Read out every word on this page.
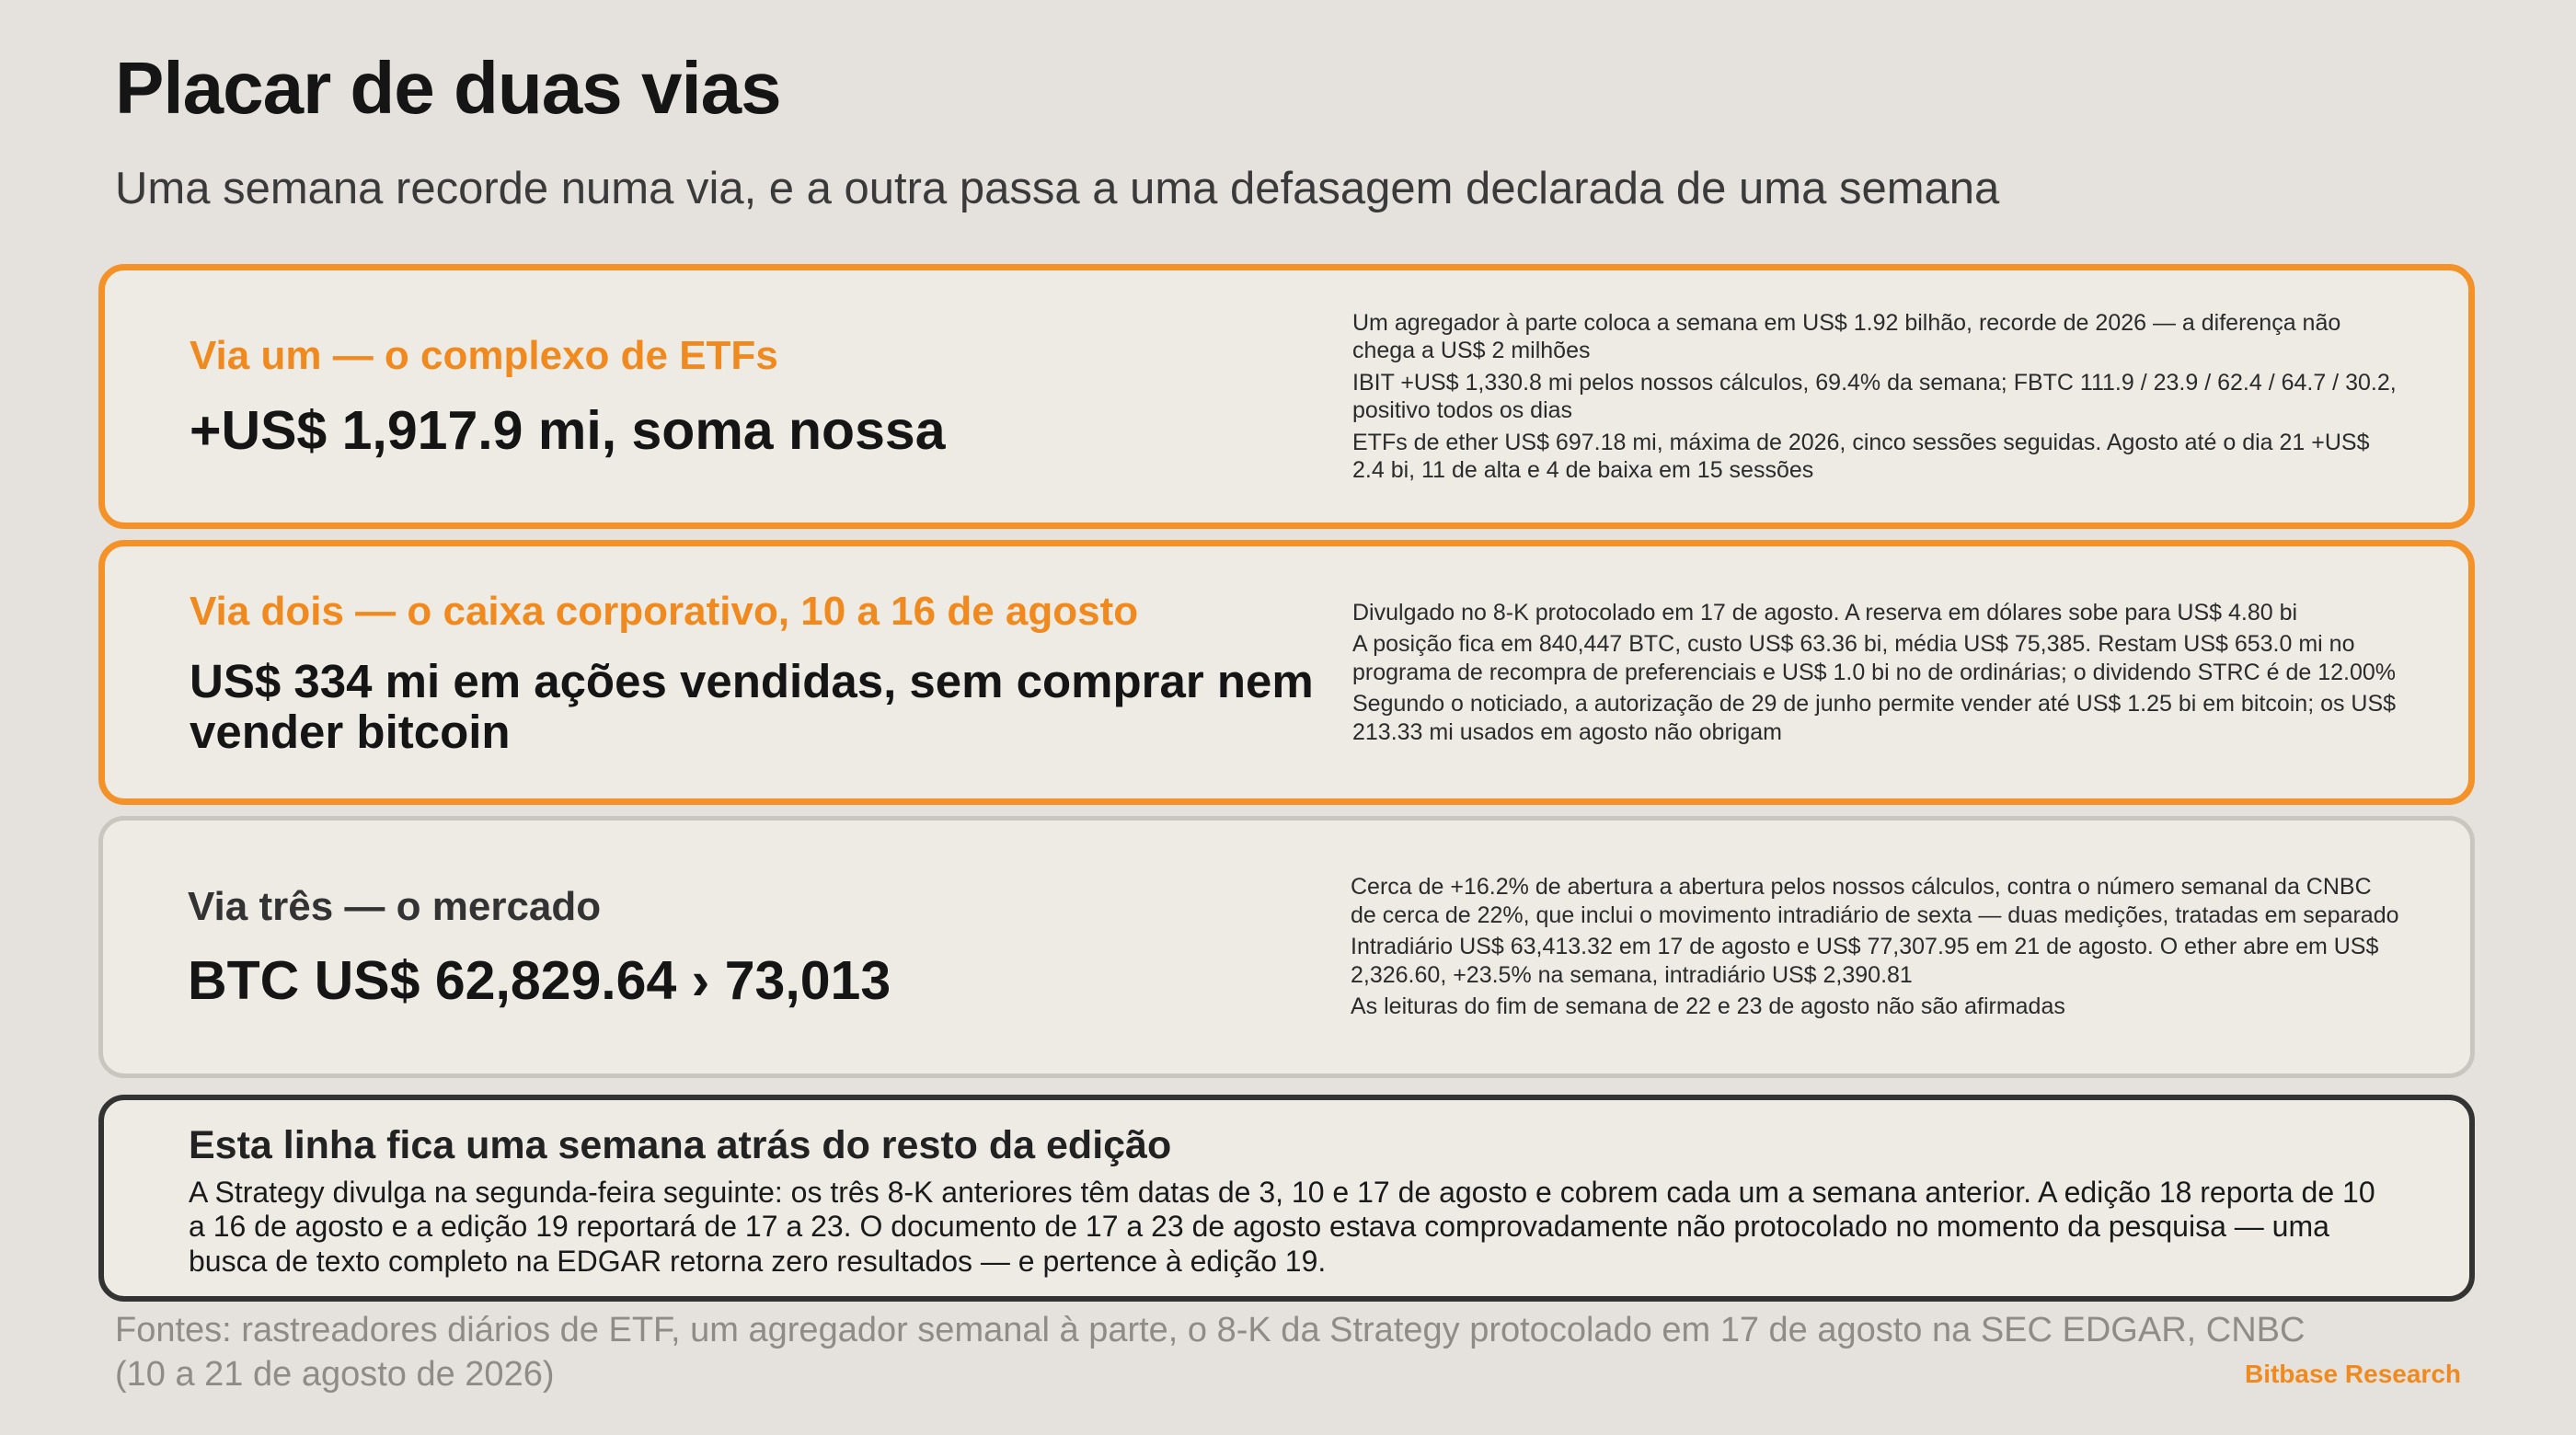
Placar de duas vias

Uma semana recorde numa via, e a outra passa a uma defasagem declarada de uma semana

Via um — o complexo de ETFs
+US$ 1,917.9 mi, soma nossa

Um agregador à parte coloca a semana em US$ 1.92 bilhão, recorde de 2026 — a diferença não chega a US$ 2 milhões

IBIT +US$ 1,330.8 mi pelos nossos cálculos, 69.4% da semana; FBTC 111.9 / 23.9 / 62.4 / 64.7 / 30.2, positivo todos os dias

ETFs de ether US$ 697.18 mi, máxima de 2026, cinco sessões seguidas. Agosto até o dia 21 +US$ 2.4 bi, 11 de alta e 4 de baixa em 15 sessões

Via dois — o caixa corporativo, 10 a 16 de agosto
US$ 334 mi em ações vendidas, sem comprar nem vender bitcoin

Divulgado no 8-K protocolado em 17 de agosto. A reserva em dólares sobe para US$ 4.80 bi

A posição fica em 840,447 BTC, custo US$ 63.36 bi, média US$ 75,385. Restam US$ 653.0 mi no programa de recompra de preferenciais e US$ 1.0 bi no de ordinárias; o dividendo STRC é de 12.00%

Segundo o noticiado, a autorização de 29 de junho permite vender até US$ 1.25 bi em bitcoin; os US$ 213.33 mi usados em agosto não obrigam

Via três — o mercado
BTC US$ 62,829.64 › 73,013

Cerca de +16.2% de abertura a abertura pelos nossos cálculos, contra o número semanal da CNBC de cerca de 22%, que inclui o movimento intradiário de sexta — duas medições, tratadas em separado

Intradiário US$ 63,413.32 em 17 de agosto e US$ 77,307.95 em 21 de agosto. O ether abre em US$ 2,326.60, +23.5% na semana, intradiário US$ 2,390.81

As leituras do fim de semana de 22 e 23 de agosto não são afirmadas

Esta linha fica uma semana atrás do resto da edição

A Strategy divulga na segunda-feira seguinte: os três 8-K anteriores têm datas de 3, 10 e 17 de agosto e cobrem cada um a semana anterior. A edição 18 reporta de 10 a 16 de agosto e a edição 19 reportará de 17 a 23. O documento de 17 a 23 de agosto estava comprovadamente não protocolado no momento da pesquisa — uma busca de texto completo na EDGAR retorna zero resultados — e pertence à edição 19.

Fontes: rastreadores diários de ETF, um agregador semanal à parte, o 8-K da Strategy protocolado em 17 de agosto na SEC EDGAR, CNBC (10 a 21 de agosto de 2026)	Bitbase Research
